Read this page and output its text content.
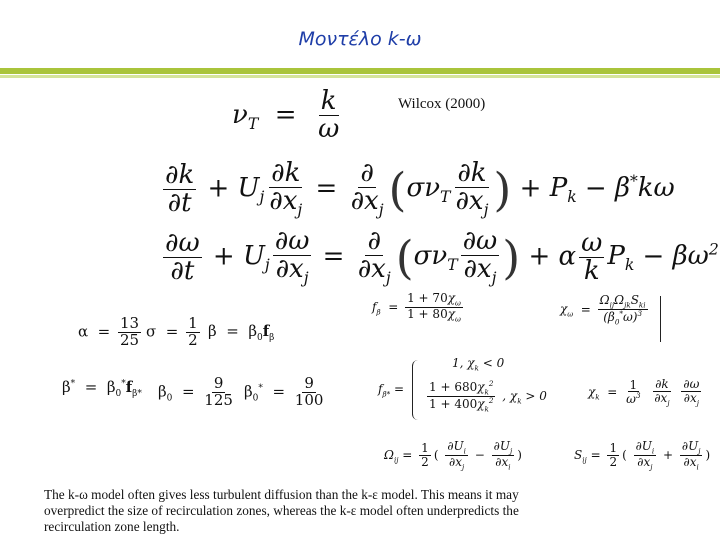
Μοντέλο k-ω
Wilcox (2000)
$\nu_T = \frac{k}{\omega}$
$\frac{\partial k}{\partial t} + U_j \frac{\partial k}{\partial x_j} = \frac{\partial}{\partial x_j} (\sigma\nu_T \frac{\partial k}{\partial x_j}$ ) + $P_k - \beta^*k\omega$
$\frac{\partial\omega}{\partial t} + U_j \frac{\partial\omega}{\partial x_j} = \frac{\partial}{\partial x_j} (\sigma\nu_T \frac{\partial\omega}{\partial x_j}$ ) + α $\frac{\omega}{k} P_k - \beta\omega^2$
$\alpha = \frac{13}{25}$ $\sigma = \frac{1}{2}$ $\beta = \beta_0f_\beta$
$\beta^* = \beta_0^*f_{\beta*}$ $\beta_0 = \frac{9}{125} \beta_0^* = \frac{9}{100}$
$f_\beta = \frac{1 + 70\chi_\omega}{1 + 80\chi_\omega}$	$\chi_\omega = \frac{\Omega_{ij}\Omega_{jk}S_{ki}}{(\beta_0^*\omega)^3}$
$f_{\beta*}$ =
1, $\chi_k < 0$
$\frac{1 + 680\chi_k^2}{1 + 400\chi_k^2}$ , $\chi_k > 0$	$\chi_k = \frac{1}{\omega^3}$
$\frac{\partial k}{\partial x_j}$
$\frac{\partial\omega}{\partial x_j}$
$\Omega_{ij} = \frac{1}{2}$ ( $\frac{\partial U_i}{\partial x_j} - \frac{\partial U_j}{\partial x_i}$ )	$S_{ij} = \frac{1}{2}$ ( $\frac{\partial U_i}{\partial x_j} + \frac{\partial U_j}{\partial x_i}$ )
The k-ω model often gives less turbulent diffusion than the k-ε model. This means it may overpredict the size of recirculation zones, whereas the k-ε model often underpredicts the recirculation zone length.
